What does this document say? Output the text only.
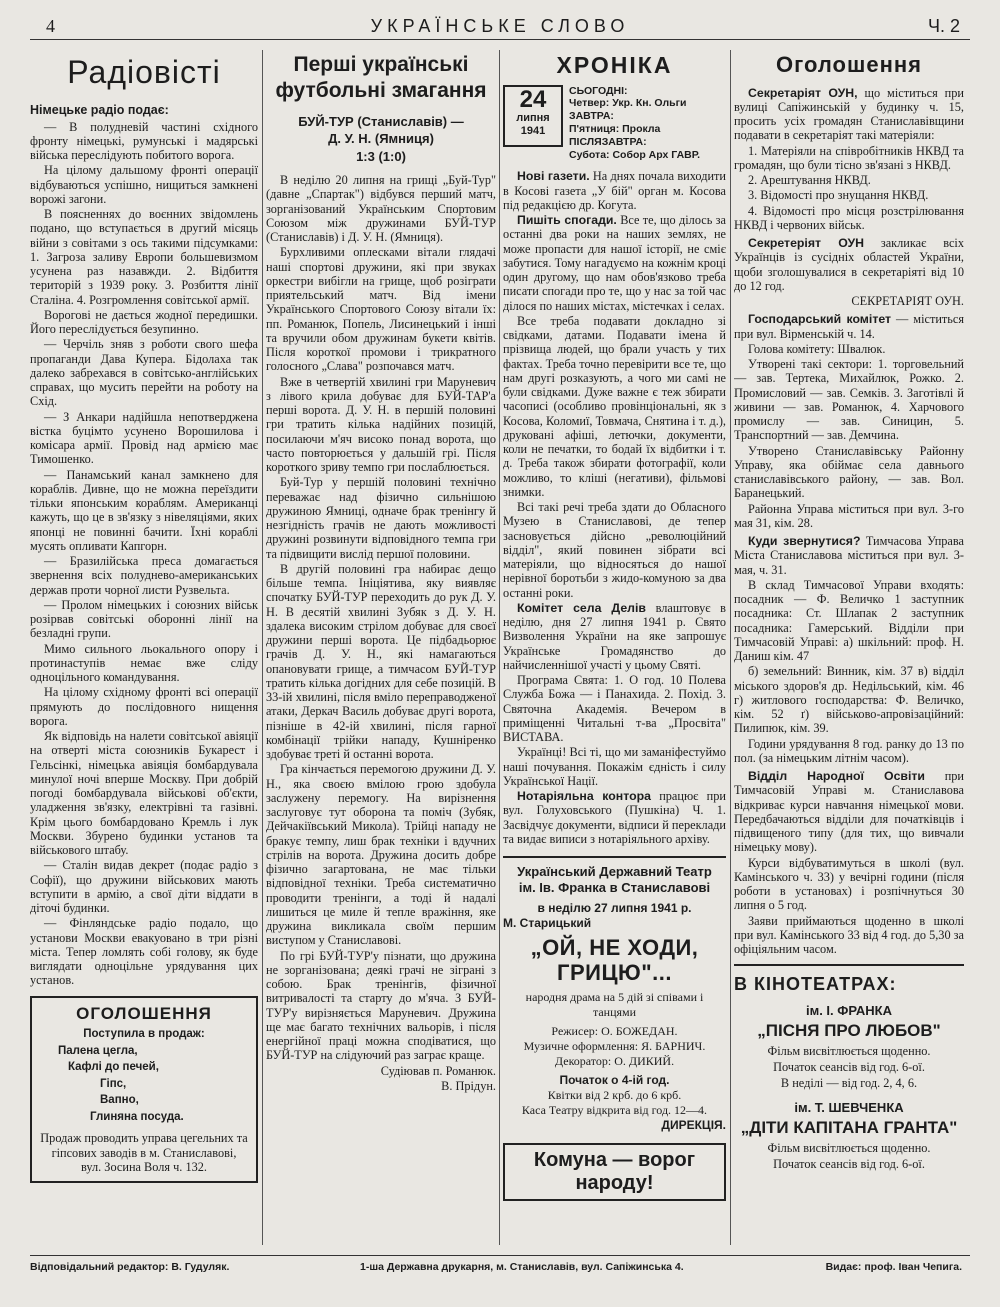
4	УКРАЇНСЬКЕ СЛОВО	Ч. 2
Радіовісті
Німецьке радіо подає:

— В полудневій частині східного фронту німецькі, румунські і мадярські війська переслідують побитого ворога.

На цілому дальшому фронті операції відбуваються успішно, нищиться замкнені ворожі загони.

В поясненнях до воєнних звідомлень подано, що вступається в другий місяць війни з совітами з ось такими підсумками: 1. Загроза заливу Европи большевизмом усунена раз назавжди. 2. Відбиття територій з 1939 року. 3. Розбиття лінії Сталіна. 4. Розгромлення совітської армії.

Ворогові не дається жодної передишки. Його переслідується безупинно.

— Черчіль зняв з роботи свого шефа пропаганди Дава Купера. Бідолаха так далеко забрехався в совітсько-англійських справах, що мусить перейти на роботу на Схід.

— З Анкари надійшла непотверджена вістка буцімто усунено Ворошилова і комісара армії. Провід над армією має Тимошенко.

— Панамський канал замкнено для кораблів. Дивне, що не можна переїздити тільки японським кораблям. Американці кажуть, що це в зв'язку з нівеляціями, яких японці не повинні бачити. Їхні кораблі мусять опливати Капгорн.

— Бразилійська преса домагається звернення всіх полуднево-американських держав проти чорної листи Рузвельта.

— Пролом німецьких і союзних військ розірвав совітські оборонні лінії на безладні групи.

Мимо сильного льокального опору і протинаступів немає вже сліду одноцільного командування.

На цілому східному фронті всі операції прямують до послідовного нищення ворога.

Як відповідь на налети совітської авіяції на отверті міста союзників Букарест і Гельсінкі, німецька авіяція бомбардувала минулої ночі вперше Москву. При добрій погоді бомбардувала військові об'єкти, уладження зв'язку, електрівні та газівні. Крім цього бомбардовано Кремль і лук Москви. Збурено будинки установ та військового штабу.

— Сталін видав декрет (подає радіо з Софії), що дружини військових мають вступити в армію, а свої діти віддати в діточі будинки.

— Фінляндське радіо подало, що установи Москви евакуовано в три різні міста. Тепер ломлять собі голову, як буде виглядати одноцільне урядування цих установ.

ОГОЛОШЕННЯ
Поступила в продаж:
Палена цегла,
Кафлі до печей,
Гіпс,
Вапно,
Глиняна посуда.

Продаж проводить управа цегельних та гіпсових заводів в м. Станиславові, вул. Зосина Воля ч. 132.

Перші українські футбольні змагання
БУЙ-ТУР (Станиславів) —
Д. У. Н. (Ямниця)
1:3 (1:0)

В неділю 20 липня на грищі „Буй-Тур" (давне „Спартак") відбувся перший матч, зорганізований Українським Спортовим Союзом між дружинами БУЙ-ТУР (Станиславів) і Д. У. Н. (Ямниця).

Бурхливими оплесками вітали глядачі наші спортові дружини, які при звуках оркестри вибігли на грище, щоб розіграти приятельський матч. Від імени Українського Спортового Союзу вітали їх: пп. Романюк, Попель, Лисинецький і інші та вручили обом дружинам букети квітів. Після короткої промови і трикратного голосного „Слава" розпочався матч.

Вже в четвертій хвилині гри Маруневич з лівого крила добуває для БУЙ-ТАР'а перші ворота. Д. У. Н. в першій половині гри тратить кілька надійних позицій, посилаючи м'яч високо понад ворота, що часто повторюється у дальшій грі. Після короткого зриву темпо гри послаблюється.

Буй-Тур у першій половині технічно переважає над фізично сильнішою дружиною Ямниці, одначе брак тренінгу й незгідність грачів не дають можливості дружині розвинути відповідного темпа гри та підвищити вислід першої половини.

В другій половині гра набирає дещо більше темпа. Ініціятива, яку виявляє спочатку БУЙ-ТУР переходить до рук Д. У. Н. В десятій хвилині Зубяк з Д. У. Н. здалека високим стрілом добуває для своєї дружини перші ворота. Це підбадьорює грачів Д. У. Н., які намагаються опановувати грище, а тимчасом БУЙ-ТУР тратить кілька догідних для себе позицій. В 33-ій хвилині, після вміло переправодженої атаки, Деркач Василь добуває другі ворота, пізніше в 42-ій хвилині, після гарної комбінації трійки нападу, Кушніренко здобуває треті й останні ворота.

Гра кінчається перемогою дружини Д. У. Н., яка своєю вмілою грою здобула заслужену перемогу. На вирізнення заслуговує тут оборона та поміч (Зубяк, Дейчакіївський Микола). Трійці нападу не бракує темпу, лиш брак техніки і вдучних стрілів на ворота. Дружина досить добре фізично загартована, не має тільки відповідної техніки. Треба систематично проводити тренінги, а тоді й надалі лишиться це миле й тепле вражіння, яке дружина викликала своїм першим виступом у Станиславові.

По грі БУЙ-ТУР'у пізнати, що дружина не зорганізована; деякі грачі не зіграні з собою. Брак тренінгів, фізичної витривалості та старту до м'яча. З БУЙ-ТУР'у вирізняється Маруневич. Дружина ще має багато технічних вальорів, і після енергійної праці можна сподіватися, що БУЙ-ТУР на слідуючий раз заграє краще.

Судіював п. Романюк.

В. Прідун.

ХРОНІКА
24
липня
1941
СЬОГОДНІ:
Четвер: Укр. Кн. Ольги
ЗАВТРА:
П'ятниця: Прокла
ПІСЛЯЗАВТРА:
Субота: Собор Арх ГАВР.

Нові газети. На днях почала виходити в Косові газета „У бій" орган м. Косова під редакцією др. Когута.

Пишіть спогади. Все те, що ділось за останні два роки на наших землях, не може пропасти для нашої історії, не сміє забутися. Тому нагадуємо на кожнім кроці один другому, що нам обов'язково треба писати спогади про те, що у нас за той час ділося по наших містах, містечках і селах.

Все треба подавати докладно зі свідками, датами. Подавати імена й прізвища людей, що брали участь у тих фактах. Треба точно перевірити все те, що нам другі розказують, а чого ми самі не були свідками. Дуже важне є теж збирати часописі (особливо провінціональні, як з Косова, Коломиї, Товмача, Снятина і т. д.), друковані афіші, летючки, документи, коли не печатки, то бодай їх відбитки і т. д. Треба також збирати фотографії, коли можливо, то кліші (негативи), фільмові знимки.

Всі такі речі треба здати до Обласного Музею в Станиславові, де тепер засновується дійсно „революційний відділ", який повинен зібрати всі матеріяли, що відносяться до нашої нерівної боротьби з жидо-комуною за два останні роки.

Комітет села Делів влаштовує в неділю, дня 27 липня 1941 р. Свято Визволення України на яке запрошує Українське Громадянство до найчисленнішої участі у цьому Святі.

Програма Свята: 1. О год. 10 Полева Служба Божа — і Панахида. 2. Похід. 3. Святочна Академія. Вечером в приміщенні Читальні т-ва „Просвіта" ВИСТАВА.

Українці! Всі ті, що ми заманіфестуймо наші почування. Покажім єдність і силу Української Нації.

Нотаріяльна контора працює при вул. Голуховського (Пушкіна) Ч. 1. Засвідчує документи, відписи й переклади та видає виписи з нотаріяльного архіву.

Український Державний Театр
ім. Ів. Франка в Станиславові
в неділю 27 липня 1941 р.
М. Старицький
„ОЙ, НЕ ХОДИ, ГРИЦЮ"...
народня драма на 5 дій зі співами і танцями
Режисер: О. БОЖЕДАН.
Музичне оформлення: Я. БАРНИЧ.
Декоратор: О. ДИКИЙ.
Початок о 4-ій год.
Квітки від 2 крб. до 6 крб.
Каса Театру відкрита від год. 12—4.
ДИРЕКЦІЯ.
Комуна — ворог народу!
Оголошення

Секретаріят ОУН, що міститься при вулиці Сапіжинській у будинку ч. 15, просить усіх громадян Станиславівщини подавати в секретаріят такі матеріяли:

1. Матеріяли на співробітників НКВД та громадян, що були тісно зв'язані з НКВД.

2. Арештування НКВД.

3. Відомості про знущання НКВД.

4. Відомості про місця розстрілювання НКВД і червоних військ.

Секретеріят ОУН закликає всіх Українців із сусідніх областей України, щоби зголошувалися в секретаріяті від 10 до 12 год.

СЕКРЕТАРІЯТ ОУН.

Господарський комітет — міститься при вул. Вірменській ч. 14.

Голова комітету: Швалюк.

Утворені такі сектори: 1. торговельний — зав. Тертека, Михайлюк, Рожко. 2. Промисловий — зав. Семків. 3. Заготівлі й живини — зав. Романюк, 4. Харчового промислу — зав. Синицин, 5. Транспортний — зав. Демчина.

Утворено Станиславівську Районну Управу, яка обіймає села давнього станиславівського району, — зав. Вол. Баранецький.

Районна Управа міститься при вул. 3-го мая 31, кім. 28.

Куди звернутися? Тимчасова Управа Міста Станиславова міститься при вул. 3-мая, ч. 31.

В склад Тимчасової Управи входять: посадник — Ф. Величко 1 заступник посадника: Ст. Шлапак 2 заступник посадника: Гамерський. Відділи при Тимчасовій Управі: а) шкільний: проф. Н. Даниш кім. 47

б) земельний: Винник, кім. 37 в) відділ міського здоров'я др. Недільський, кім. 46 г) житлового господарства: Ф. Величко, кім. 52 ґ) військово-апровізаційний: Пилипюк, кім. 39.

Години урядування 8 год. ранку до 13 по пол. (за німецьким літнім часом).

Відділ Народної Освіти при Тимчасовій Управі м. Станиславова відкриває курси навчання німецької мови. Передбачаються відділи для початківців і підвищеного типу (для тих, що вивчали німецьку мову).

Курси відбуватимуться в школі (вул. Камінського ч. 33) у вечірні години (після роботи в установах) і розпічнуться 30 липня о 5 год.

Заяви приймаються щоденно в школі при вул. Камінського 33 від 4 год. до 5,30 за офіціяльним часом.

В КІНОТЕАТРАХ:
ім. І. ФРАНКА
„ПІСНЯ ПРО ЛЮБОВ"
Фільм висвітлюється щоденно.
Початок сеансів від год. 6-ої.
В неділі — від год. 2, 4, 6.
ім. Т. ШЕВЧЕНКА
„ДІТИ КАПІТАНА ГРАНТА"
Фільм висвітлюється щоденно.
Початок сеансів від год. 6-ої.
Відповідальний редактор: В. Гудуляк.	1-ша Державна друкарня, м. Станиславів, вул. Сапіжинська 4.	Видає: проф. Іван Чепига.
